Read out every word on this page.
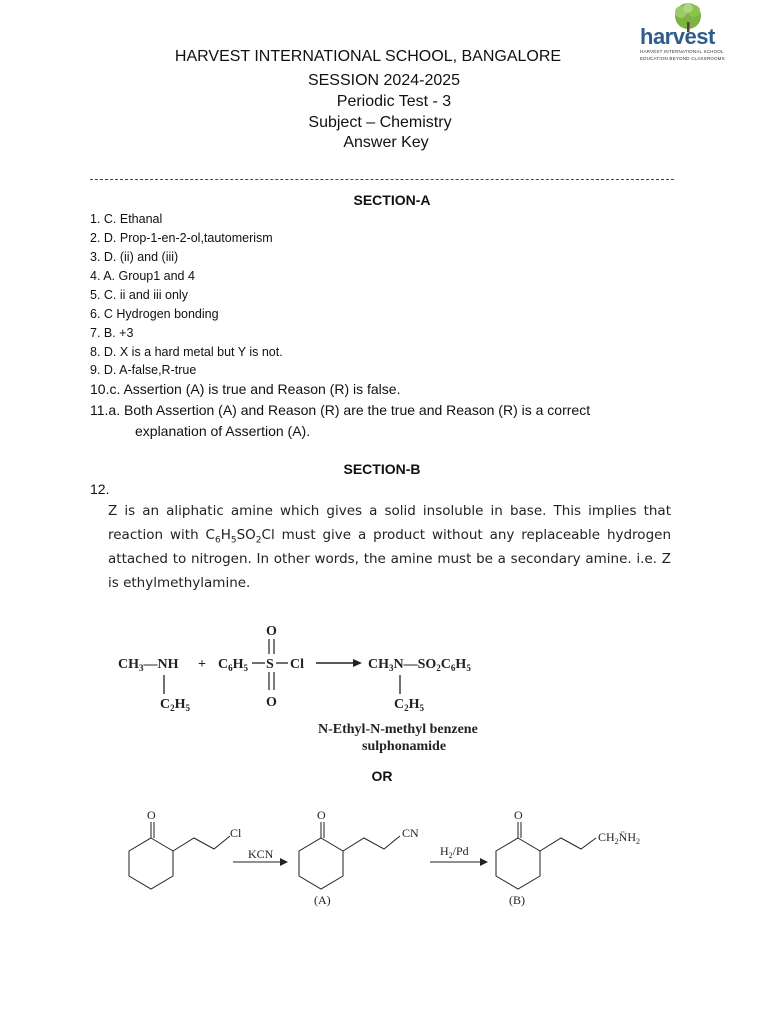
harvest
HARVEST INTERNATIONAL SCHOOL
EDUCATION BEYOND CLASSROOMS
HARVEST INTERNATIONAL SCHOOL, BANGALORE
SESSION 2024-2025
Periodic Test - 3
Subject – Chemistry
Answer Key
SECTION-A
1. C. Ethanal
2. D. Prop-1-en-2-ol,tautomerism
3. D. (ii) and (iii)
4. A. Group1 and 4
5. C. ii and iii only
6. C Hydrogen bonding
7. B. +3
8. D. X is a hard metal but Y is not.
9. D. A-false,R-true
10.c. Assertion (A) is true and Reason (R) is false.
11.a. Both Assertion (A) and Reason (R) are the true and Reason (R) is a correct
explanation of Assertion (A).
SECTION-B
12.
Z is an aliphatic amine which gives a solid insoluble in base. This implies that reaction with $C_6H_5SO_2Cl$ must give a product without any replaceable hydrogen attached to nitrogen. In other words, the amine must be a secondary amine. i.e. Z is ethylmethylamine.
$CH_3—NH$
$C_2H_5$
+ $C_6H_5$ S Cl
O
O
$CH_3N—SO_2C_6H_5$
$C_2H_5$
N-Ethyl-N-methyl benzene
sulphonamide
OR
O
Cl
KCN
O
CN
(A)
$H_2/Pd$
O
$CH_2N̈H_2$
(B)
